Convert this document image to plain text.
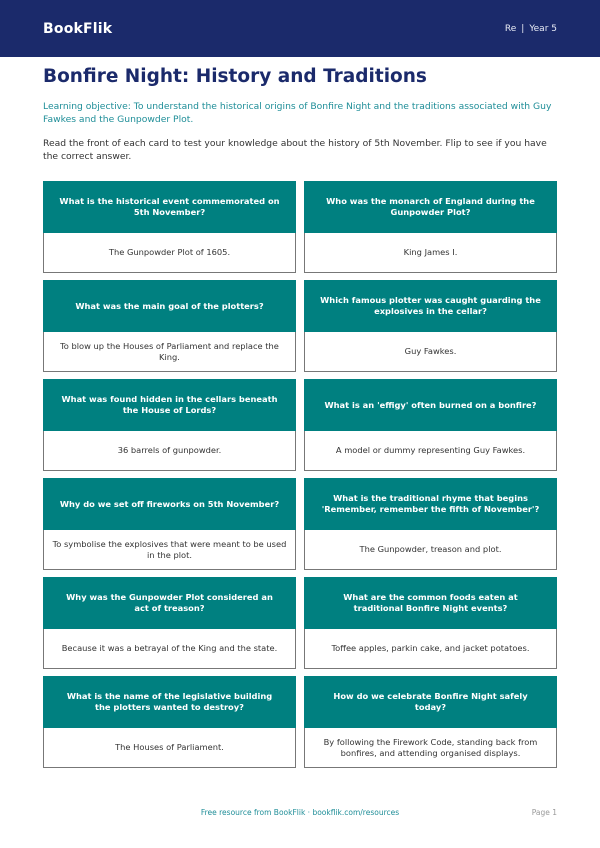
BookFlik	Re | Year 5
Bonfire Night: History and Traditions

Learning objective: To understand the historical origins of Bonfire Night and the traditions associated with Guy Fawkes and the Gunpowder Plot.

Read the front of each card to test your knowledge about the history of 5th November. Flip to see if you have the correct answer.

What is the historical event commemorated on 5th November?
The Gunpowder Plot of 1605.
Who was the monarch of England during the Gunpowder Plot?
King James I.
What was the main goal of the plotters?
To blow up the Houses of Parliament and replace the King.
Which famous plotter was caught guarding the explosives in the cellar?
Guy Fawkes.
What was found hidden in the cellars beneath the House of Lords?
36 barrels of gunpowder.
What is an 'effigy' often burned on a bonfire?
A model or dummy representing Guy Fawkes.
Why do we set off fireworks on 5th November?
To symbolise the explosives that were meant to be used in the plot.
What is the traditional rhyme that begins 'Remember, remember the fifth of November'?
The Gunpowder, treason and plot.
Why was the Gunpowder Plot considered an act of treason?
Because it was a betrayal of the King and the state.
What are the common foods eaten at traditional Bonfire Night events?
Toffee apples, parkin cake, and jacket potatoes.
What is the name of the legislative building the plotters wanted to destroy?
The Houses of Parliament.
How do we celebrate Bonfire Night safely today?
By following the Firework Code, standing back from bonfires, and attending organised displays.
Free resource from BookFlik · bookflik.com/resources	Page 1
